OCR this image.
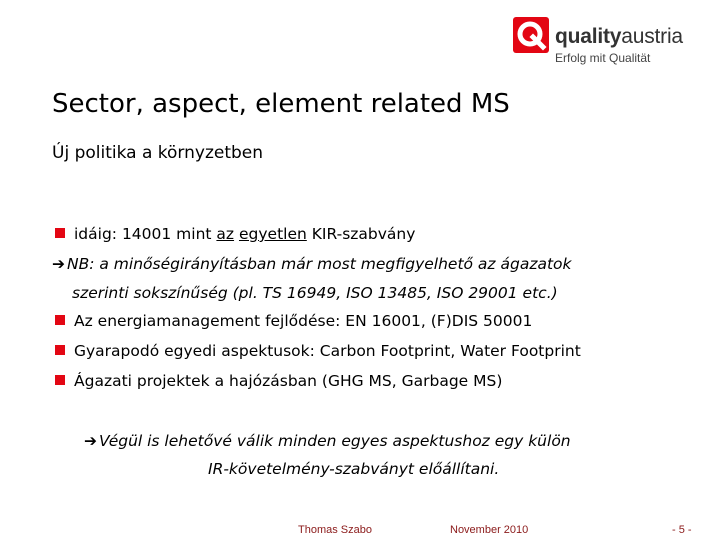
qualityaustria
Erfolg mit Qualität
Sector, aspect, element related MS
Új politika a környzetben
idáig: 14001 mint az egyetlen KIR-szabvány
➔ NB: a minőségirányításban már most megfigyelhető az ágazatok
szerinti sokszínűség (pl. TS 16949, ISO 13485, ISO 29001 etc.)
Az energiamanagement fejlődése: EN 16001, (F)DIS 50001
Gyarapodó egyedi aspektusok: Carbon Footprint, Water Footprint
Ágazati projektek a hajózásban (GHG MS, Garbage MS)
➔ Végül is lehetővé válik minden egyes aspektushoz egy külön
IR-követelmény-szabványt előállítani.
Thomas Szabo	November 2010	- 5 -
